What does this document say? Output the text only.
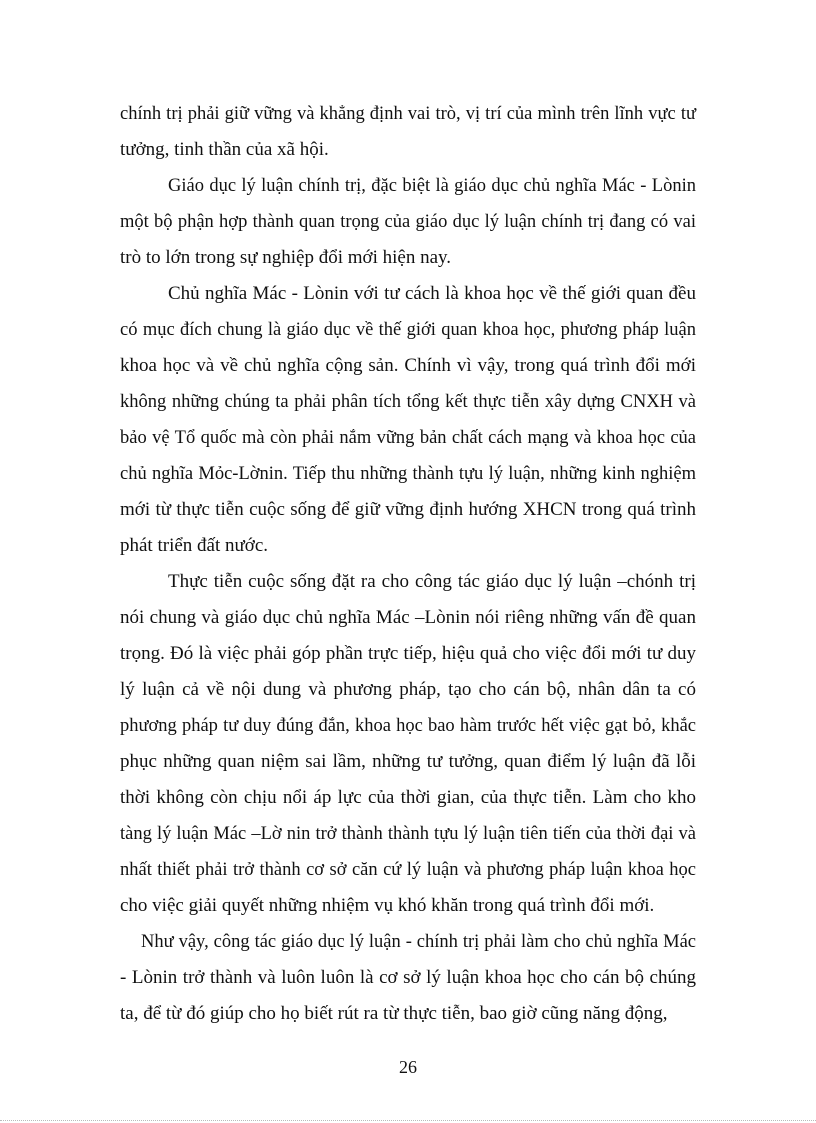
chính trị phải giữ vững và khẳng định vai trò, vị trí của mình trên lĩnh vực tư
tưởng, tinh thần của xã hội.
Giáo dục lý luận chính trị, đặc biệt là giáo dục chủ nghĩa Mác - Lònin
một bộ phận hợp thành quan trọng của giáo dục lý luận chính trị đang có vai
trò to lớn trong sự nghiệp đổi mới hiện nay.
Chủ nghĩa Mác - Lònin với tư cách là khoa học về thế giới quan đều
có mục đích chung là giáo dục về thế giới quan khoa học, phương pháp luận
khoa học và về chủ nghĩa cộng sản. Chính vì vậy, trong quá trình đổi mới
không những chúng ta phải phân tích tổng kết thực tiễn xây dựng CNXH và
bảo vệ Tổ quốc mà còn phải nắm vững bản chất cách mạng và khoa học của
chủ nghĩa Mỏc-Lờnin. Tiếp thu những thành tựu lý luận, những kinh nghiệm
mới từ thực tiễn cuộc sống để giữ vững định hướng XHCN trong quá trình
phát triển đất nước.
Thực tiễn cuộc sống đặt ra cho công tác giáo dục lý luận –chónh trị
nói chung và giáo dục chủ nghĩa Mác –Lònin nói riêng những vấn đề quan
trọng. Đó là việc phải góp phần trực tiếp, hiệu quả cho việc đổi mới tư duy
lý luận cả về nội dung và phương pháp, tạo cho cán bộ, nhân dân ta có
phương pháp tư duy đúng đắn, khoa học bao hàm trước hết việc gạt bỏ, khắc
phục những quan niệm sai lầm, những tư tưởng, quan điểm lý luận đã lỗi
thời không còn chịu nổi áp lực của thời gian, của thực tiễn. Làm cho kho
tàng lý luận Mác –Lờ nin trở thành thành tựu lý luận tiên tiến của thời đại và
nhất thiết phải trở thành cơ sở căn cứ lý luận và phương pháp luận khoa học
cho việc giải quyết những nhiệm vụ khó khăn trong quá trình đổi mới.
Như vậy, công tác giáo dục lý luận - chính trị phải làm cho chủ nghĩa Mác
- Lònin trở thành và luôn luôn là cơ sở lý luận khoa học cho cán bộ chúng
ta, để từ đó giúp cho họ biết rút ra từ thực tiễn, bao giờ cũng năng động,
26
